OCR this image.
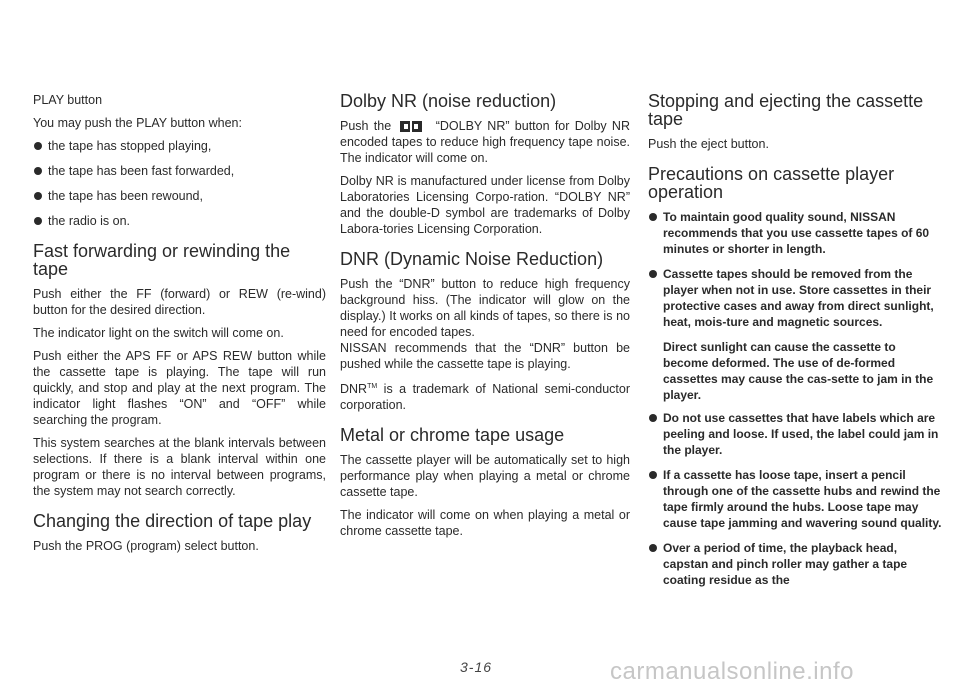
PLAY button

You may push the PLAY button when:

the tape has stopped playing,

the tape has been fast forwarded,

the tape has been rewound,

the radio is on.

Fast forwarding or rewinding the tape

Push either the FF (forward) or REW (re-wind) button for the desired direction.

The indicator light on the switch will come on.

Push either the APS FF or APS REW button while the cassette tape is playing. The tape will run quickly, and stop and play at the next program. The indicator light flashes “ON” and “OFF” while searching the program.

This system searches at the blank intervals between selections. If there is a blank interval within one program or there is no interval between programs, the system may not search correctly.

Changing the direction of tape play

Push the PROG (program) select button.

Dolby NR (noise reduction)

Push the	“DOLBY NR” button for Dolby NR encoded tapes to reduce high frequency tape noise. The indicator will come on.

Dolby NR is manufactured under license from Dolby Laboratories Licensing Corpo-ration. “DOLBY NR” and the double-D symbol are trademarks of Dolby Labora-tories Licensing Corporation.

DNR (Dynamic Noise Reduction)

Push the “DNR” button to reduce high frequency background hiss. (The indicator will glow on the display.) It works on all kinds of tapes, so there is no need for encoded tapes.

NISSAN recommends that the “DNR” button be pushed while the cassette tape is playing.

DNR™ is a trademark of National semi-conductor corporation.

Metal or chrome tape usage

The cassette player will be automatically set to high performance play when playing a metal or chrome cassette tape.

The indicator will come on when playing a metal or chrome cassette tape.

Stopping and ejecting the cassette tape

Push the eject button.

Precautions on cassette player operation

To maintain good quality sound, NISSAN recommends that you use cassette tapes of 60 minutes or shorter in length.

Cassette tapes should be removed from the player when not in use. Store cassettes in their protective cases and away from direct sunlight, heat, mois-ture and magnetic sources.

Direct sunlight can cause the cassette to become deformed. The use of de-formed cassettes may cause the cas-sette to jam in the player.

Do not use cassettes that have labels which are peeling and loose. If used, the label could jam in the player.

If a cassette has loose tape, insert a pencil through one of the cassette hubs and rewind the tape firmly around the hubs. Loose tape may cause tape jamming and wavering sound quality.

Over a period of time, the playback head, capstan and pinch roller may gather a tape coating residue as the

3-16	carmanualsonline.info
